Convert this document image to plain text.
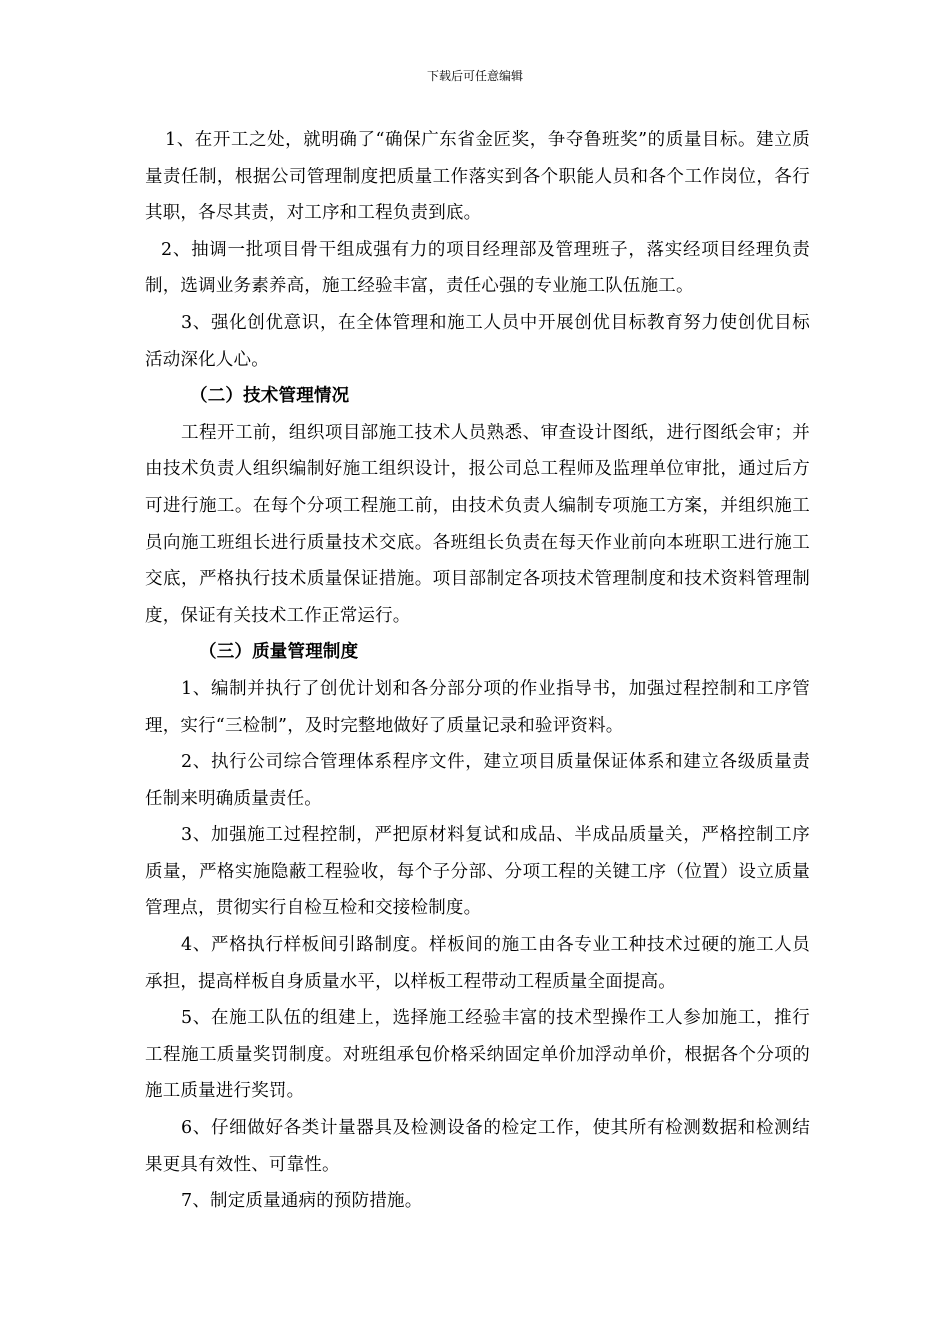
下载后可任意编辑

1、在开工之处，就明确了“确保广东省金匠奖，争夺鲁班奖”的质量目标。建立质量责任制，根据公司管理制度把质量工作落实到各个职能人员和各个工作岗位，各行其职，各尽其责，对工序和工程负责到底。

2、抽调一批项目骨干组成强有力的项目经理部及管理班子，落实经项目经理负责制，选调业务素养高，施工经验丰富，责任心强的专业施工队伍施工。

3、强化创优意识，在全体管理和施工人员中开展创优目标教育努力使创优目标活动深化人心。

（二）技术管理情况

工程开工前，组织项目部施工技术人员熟悉、审查设计图纸，进行图纸会审；并由技术负责人组织编制好施工组织设计，报公司总工程师及监理单位审批，通过后方可进行施工。在每个分项工程施工前，由技术负责人编制专项施工方案，并组织施工员向施工班组长进行质量技术交底。各班组长负责在每天作业前向本班职工进行施工交底，严格执行技术质量保证措施。项目部制定各项技术管理制度和技术资料管理制度，保证有关技术工作正常运行。

（三）质量管理制度

1、编制并执行了创优计划和各分部分项的作业指导书，加强过程控制和工序管理，实行“三检制”，及时完整地做好了质量记录和验评资料。

2、执行公司综合管理体系程序文件，建立项目质量保证体系和建立各级质量责任制来明确质量责任。

3、加强施工过程控制，严把原材料复试和成品、半成品质量关，严格控制工序质量，严格实施隐蔽工程验收，每个子分部、分项工程的关键工序（位置）设立质量管理点，贯彻实行自检互检和交接检制度。

4、严格执行样板间引路制度。样板间的施工由各专业工种技术过硬的施工人员承担，提高样板自身质量水平，以样板工程带动工程质量全面提高。

5、在施工队伍的组建上，选择施工经验丰富的技术型操作工人参加施工，推行工程施工质量奖罚制度。对班组承包价格采纳固定单价加浮动单价，根据各个分项的施工质量进行奖罚。

6、仔细做好各类计量器具及检测设备的检定工作，使其所有检测数据和检测结果更具有效性、可靠性。

7、制定质量通病的预防措施。
